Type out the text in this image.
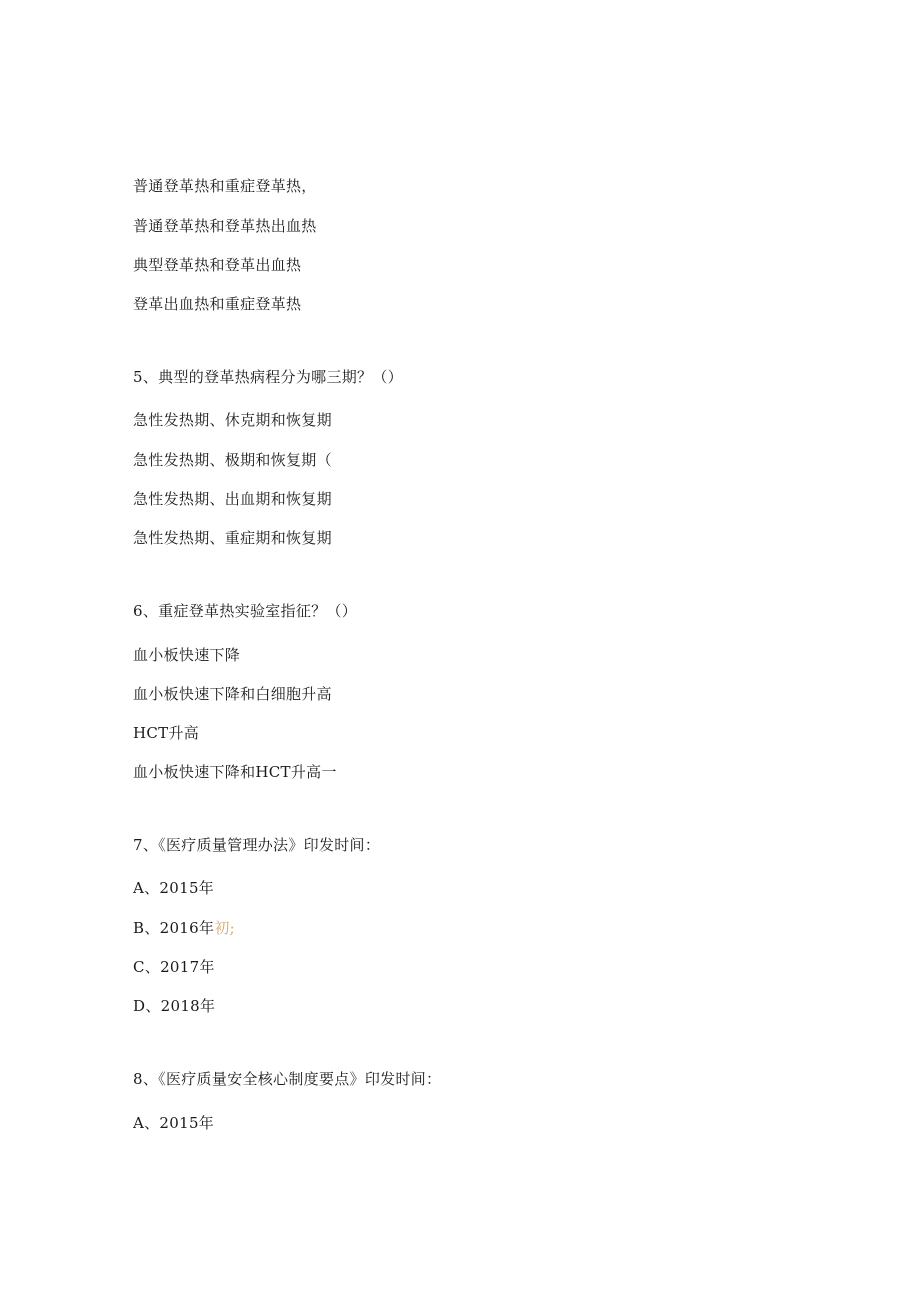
普通登革热和重症登革热，
普通登革热和登革热出血热
典型登革热和登革出血热
登革出血热和重症登革热
5、典型的登革热病程分为哪三期？（）
急性发热期、休克期和恢复期
急性发热期、极期和恢复期（
急性发热期、出血期和恢复期
急性发热期、重症期和恢复期
6、重症登革热实验室指征？（）
血小板快速下降
血小板快速下降和白细胞升高
HCT升高
血小板快速下降和HCT升高一
7、《医疗质量管理办法》印发时间：
A、2015年
B、2016年初;
C、2017年
D、2018年
8、《医疗质量安全核心制度要点》印发时间：
A、2015年
